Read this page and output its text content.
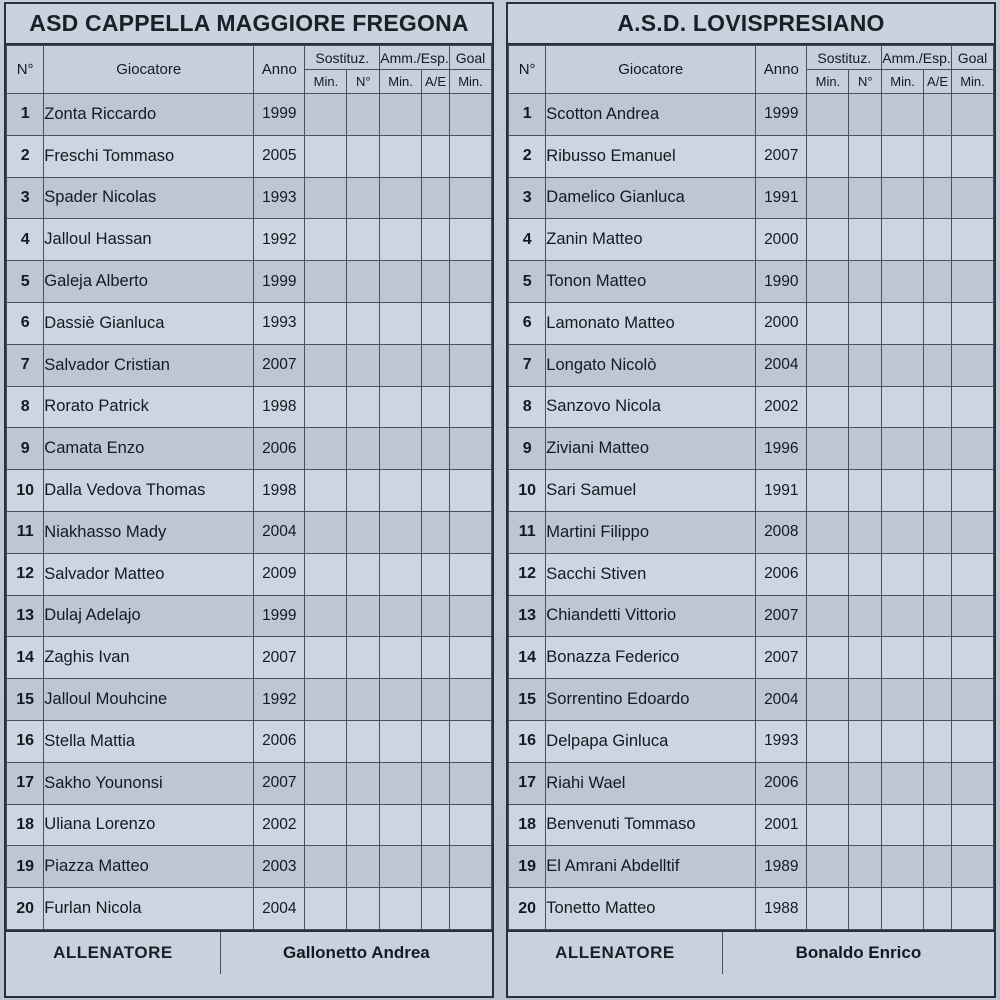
ASD CAPPELLA MAGGIORE FREGONA
N°	Giocatore	Anno	Sostituz.		Amm./Esp.		Goal
			Min.	N°	Min.	A/E	Min.
1	Zonta Riccardo	1999					
2	Freschi Tommaso	2005					
3	Spader Nicolas	1993					
4	Jalloul Hassan	1992					
5	Galeja Alberto	1999					
6	Dassiè Gianluca	1993					
7	Salvador Cristian	2007					
8	Rorato Patrick	1998					
9	Camata Enzo	2006					
10	Dalla Vedova Thomas	1998					
11	Niakhasso Mady	2004					
12	Salvador Matteo	2009					
13	Dulaj Adelajo	1999					
14	Zaghis Ivan	2007					
15	Jalloul Mouhcine	1992					
16	Stella Mattia	2006					
17	Sakho Younonsi	2007					
18	Uliana Lorenzo	2002					
19	Piazza Matteo	2003					
20	Furlan Nicola	2004					
ALLENATORE	Gallonetto Andrea
A.S.D. LOVISPRESIANO
N°	Giocatore	Anno	Sostituz.		Amm./Esp.		Goal
			Min.	N°	Min.	A/E	Min.
1	Scotton Andrea	1999					
2	Ribusso Emanuel	2007					
3	Damelico Gianluca	1991					
4	Zanin Matteo	2000					
5	Tonon Matteo	1990					
6	Lamonato Matteo	2000					
7	Longato Nicolò	2004					
8	Sanzovo Nicola	2002					
9	Ziviani Matteo	1996					
10	Sari Samuel	1991					
11	Martini Filippo	2008					
12	Sacchi Stiven	2006					
13	Chiandetti Vittorio	2007					
14	Bonazza Federico	2007					
15	Sorrentino Edoardo	2004					
16	Delpapa Ginluca	1993					
17	Riahi Wael	2006					
18	Benvenuti Tommaso	2001					
19	El Amrani Abdelltif	1989					
20	Tonetto Matteo	1988					
ALLENATORE	Bonaldo Enrico
